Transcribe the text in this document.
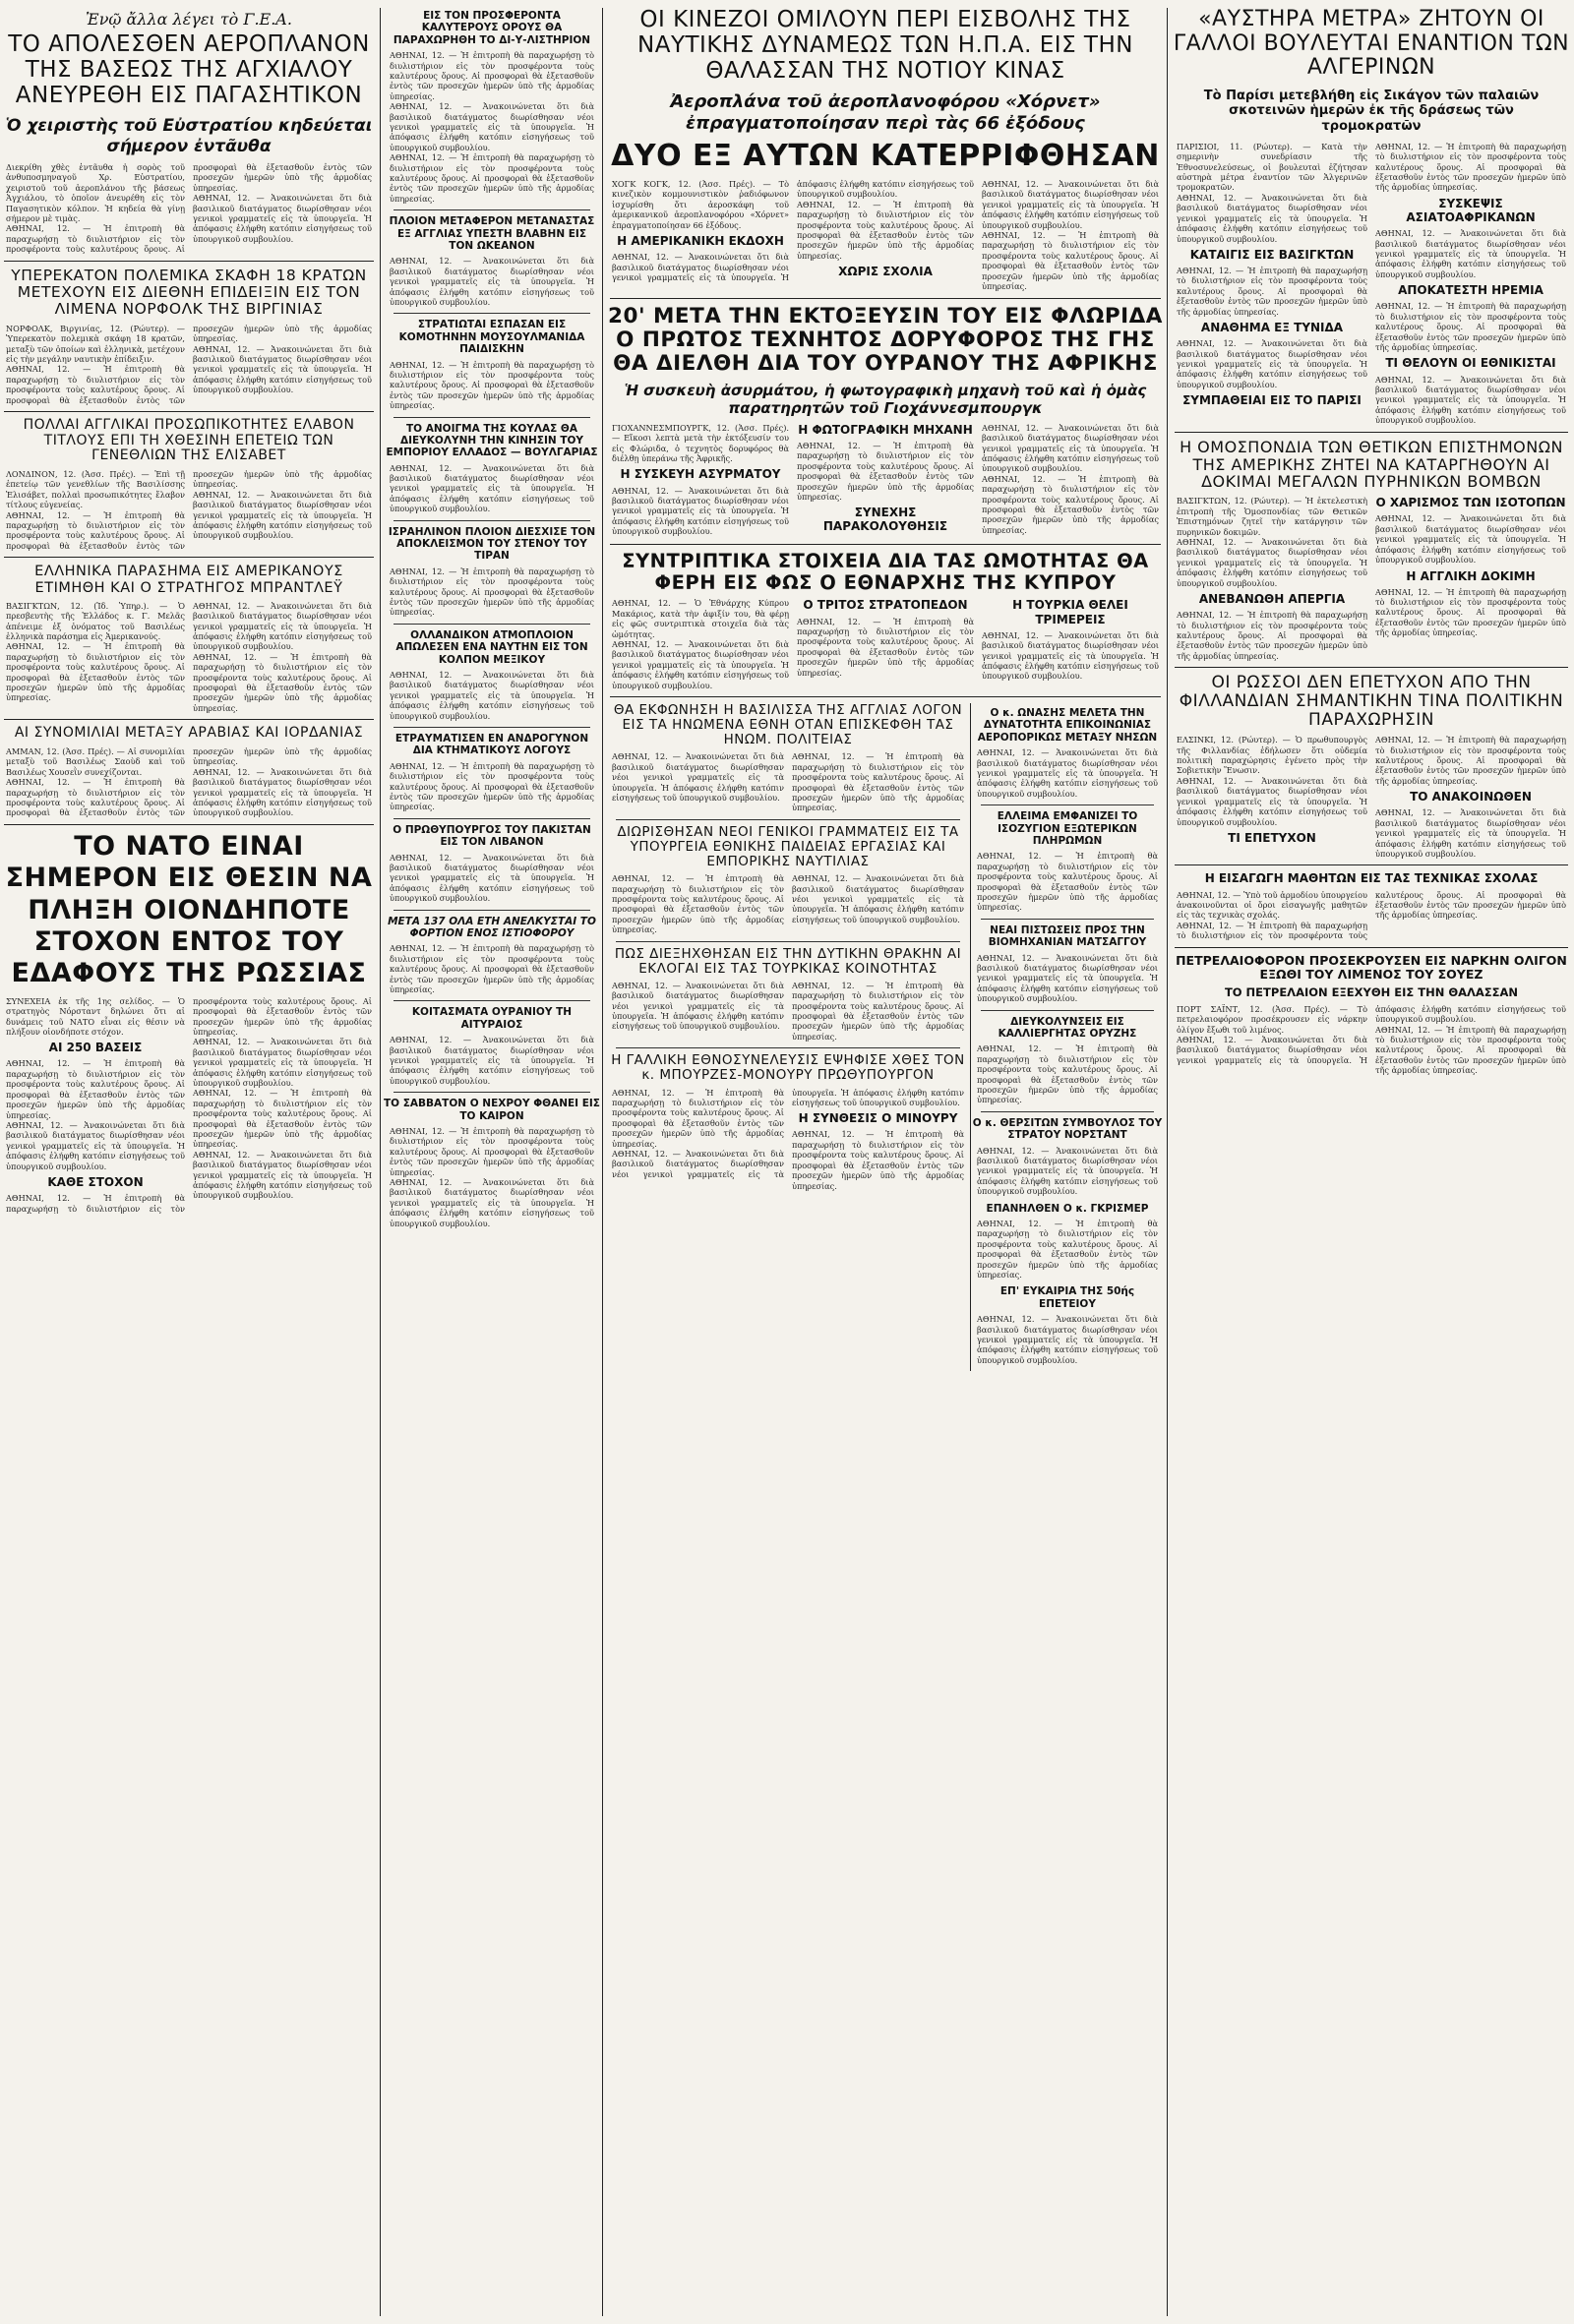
Ἐνῷ ἄλλα λέγει τὸ Γ.Ε.Α.
ΤΟ ΑΠΟΛΕΣΘΕΝ ΑΕΡΟΠΛΑΝΟΝ ΤΗΣ ΒΑΣΕΩΣ ΤΗΣ ΑΓΧΙΑΛΟΥ ΑΝΕΥΡΕΘΗ ΕΙΣ ΠΑΓΑΣΗΤΙΚΟΝ
Ὁ χειριστὴς τοῦ Εὐστρατίου κηδεύεται σήμερον ἐντᾶυθα

Διεκρίθη χθὲς ἐντᾶυθα ἡ σορὸς τοῦ ἀνθυποσμηναγοῦ Χρ. Εὐστρατίου, χειριστοῦ τοῦ ἀεροπλάνου τῆς βάσεως Ἀγχιάλου, τὸ ὁποῖον ἀνευρέθη εἰς τὸν Παγασητικὸν κόλπον. Ἡ κηδεία θὰ γίνῃ σήμερον μὲ τιμὰς.

ΑΘΗΝΑΙ, 12. — Ἡ ἐπιτροπὴ θὰ παραχωρήσῃ τὸ διυλιστήριον εἰς τὸν προσφέροντα τοὺς καλυτέρους ὅρους. Αἱ προσφοραὶ θὰ ἐξετασθοῦν ἐντὸς τῶν προσεχῶν ἡμερῶν ὑπὸ τῆς ἁρμοδίας ὑπηρεσίας.

ΑΘΗΝΑΙ, 12. — Ἀνακοινώνεται ὅτι διὰ βασιλικοῦ διατάγματος διωρίσθησαν νέοι γενικοὶ γραμματεῖς εἰς τὰ ὑπουργεῖα. Ἡ ἀπόφασις ἐλήφθη κατόπιν εἰσηγήσεως τοῦ ὑπουργικοῦ συμβουλίου.

ΥΠΕΡΕΚΑΤΟΝ ΠΟΛΕΜΙΚΑ ΣΚΑΦΗ 18 ΚΡΑΤΩΝ ΜΕΤΕΧΟΥΝ ΕΙΣ ΔΙΕΘΝΗ ΕΠΙΔΕΙΞΙΝ ΕΙΣ ΤΟΝ ΛΙΜΕΝΑ ΝΟΡΦΟΛΚ ΤΗΣ ΒΙΡΓΙΝΙΑΣ

ΝΟΡΦΟΛΚ, Βιργινίας, 12. (Ρώυτερ). — Ὑπερεκατὸν πολεμικὰ σκάφη 18 κρατῶν, μεταξὺ τῶν ὁποίων καὶ ἑλληνικὰ, μετέχουν εἰς τὴν μεγάλην ναυτικὴν ἐπίδειξιν.

ΑΘΗΝΑΙ, 12. — Ἡ ἐπιτροπὴ θὰ παραχωρήσῃ τὸ διυλιστήριον εἰς τὸν προσφέροντα τοὺς καλυτέρους ὅρους. Αἱ προσφοραὶ θὰ ἐξετασθοῦν ἐντὸς τῶν προσεχῶν ἡμερῶν ὑπὸ τῆς ἁρμοδίας ὑπηρεσίας.

ΑΘΗΝΑΙ, 12. — Ἀνακοινώνεται ὅτι διὰ βασιλικοῦ διατάγματος διωρίσθησαν νέοι γενικοὶ γραμματεῖς εἰς τὰ ὑπουργεῖα. Ἡ ἀπόφασις ἐλήφθη κατόπιν εἰσηγήσεως τοῦ ὑπουργικοῦ συμβουλίου.

ΠΟΛΛΑΙ ΑΓΓΛΙΚΑΙ ΠΡΟΣΩΠΙΚΟΤΗΤΕΣ ΕΛΑΒΟΝ ΤΙΤΛΟΥΣ ΕΠΙ ΤΗ ΧΘΕΣΙΝΗ ΕΠΕΤΕΙΩ ΤΩΝ ΓΕΝΕΘΛΙΩΝ ΤΗΣ ΕΛΙΣΑΒΕΤ

ΛΟΝΔΙΝΟΝ, 12. (Ἀσσ. Πρές). — Ἐπὶ τῇ ἐπετείῳ τῶν γενεθλίων τῆς Βασιλίσσης Ἐλισάβετ, πολλαὶ προσωπικότητες ἔλαβον τίτλους εὐγενείας.

ΑΘΗΝΑΙ, 12. — Ἡ ἐπιτροπὴ θὰ παραχωρήσῃ τὸ διυλιστήριον εἰς τὸν προσφέροντα τοὺς καλυτέρους ὅρους. Αἱ προσφοραὶ θὰ ἐξετασθοῦν ἐντὸς τῶν προσεχῶν ἡμερῶν ὑπὸ τῆς ἁρμοδίας ὑπηρεσίας.

ΑΘΗΝΑΙ, 12. — Ἀνακοινώνεται ὅτι διὰ βασιλικοῦ διατάγματος διωρίσθησαν νέοι γενικοὶ γραμματεῖς εἰς τὰ ὑπουργεῖα. Ἡ ἀπόφασις ἐλήφθη κατόπιν εἰσηγήσεως τοῦ ὑπουργικοῦ συμβουλίου.

ΕΛΛΗΝΙΚΑ ΠΑΡΑΣΗΜΑ ΕΙΣ ΑΜΕΡΙΚΑΝΟΥΣ ΕΤΙΜΗΘΗ ΚΑΙ Ο ΣΤΡΑΤΗΓΟΣ ΜΠΡΑΝΤΛΕΫ

ΒΑΣΙΓΚΤΩΝ, 12. (Ἰδ. Ὑπηρ.). — Ὁ πρεσβευτὴς τῆς Ἑλλάδος κ. Γ. Μελᾶς ἀπένειμε ἐξ ὀνόματος τοῦ Βασιλέως ἑλληνικὰ παράσημα εἰς Ἀμερικανούς.

ΑΘΗΝΑΙ, 12. — Ἡ ἐπιτροπὴ θὰ παραχωρήσῃ τὸ διυλιστήριον εἰς τὸν προσφέροντα τοὺς καλυτέρους ὅρους. Αἱ προσφοραὶ θὰ ἐξετασθοῦν ἐντὸς τῶν προσεχῶν ἡμερῶν ὑπὸ τῆς ἁρμοδίας ὑπηρεσίας.

ΑΘΗΝΑΙ, 12. — Ἀνακοινώνεται ὅτι διὰ βασιλικοῦ διατάγματος διωρίσθησαν νέοι γενικοὶ γραμματεῖς εἰς τὰ ὑπουργεῖα. Ἡ ἀπόφασις ἐλήφθη κατόπιν εἰσηγήσεως τοῦ ὑπουργικοῦ συμβουλίου.

ΑΘΗΝΑΙ, 12. — Ἡ ἐπιτροπὴ θὰ παραχωρήσῃ τὸ διυλιστήριον εἰς τὸν προσφέροντα τοὺς καλυτέρους ὅρους. Αἱ προσφοραὶ θὰ ἐξετασθοῦν ἐντὸς τῶν προσεχῶν ἡμερῶν ὑπὸ τῆς ἁρμοδίας ὑπηρεσίας.

ΑΙ ΣΥΝΟΜΙΛΙΑΙ ΜΕΤΑΞΥ ΑΡΑΒΙΑΣ ΚΑΙ ΙΟΡΔΑΝΙΑΣ

ΑΜΜΑΝ, 12. (Ἀσσ. Πρές). — Αἱ συνομιλίαι μεταξὺ τοῦ Βασιλέως Σαοὺδ καὶ τοῦ Βασιλέως Χουσεῒν συνεχίζονται.

ΑΘΗΝΑΙ, 12. — Ἡ ἐπιτροπὴ θὰ παραχωρήσῃ τὸ διυλιστήριον εἰς τὸν προσφέροντα τοὺς καλυτέρους ὅρους. Αἱ προσφοραὶ θὰ ἐξετασθοῦν ἐντὸς τῶν προσεχῶν ἡμερῶν ὑπὸ τῆς ἁρμοδίας ὑπηρεσίας.

ΑΘΗΝΑΙ, 12. — Ἀνακοινώνεται ὅτι διὰ βασιλικοῦ διατάγματος διωρίσθησαν νέοι γενικοὶ γραμματεῖς εἰς τὰ ὑπουργεῖα. Ἡ ἀπόφασις ἐλήφθη κατόπιν εἰσηγήσεως τοῦ ὑπουργικοῦ συμβουλίου.

ΤΟ ΝΑΤΟ ΕΙΝΑΙ ΣΗΜΕΡΟΝ ΕΙΣ ΘΕΣΙΝ ΝΑ ΠΛΗΞΗ ΟΙΟΝΔΗΠΟΤΕ ΣΤΟΧΟΝ ΕΝΤΟΣ ΤΟΥ ΕΔΑΦΟΥΣ ΤΗΣ ΡΩΣΣΙΑΣ

ΣΥΝΕΧΕΙΑ ἐκ τῆς 1ης σελίδος. — Ὁ στρατηγὸς Νόρσταντ δηλώνει ὅτι αἱ δυνάμεις τοῦ ΝΑΤΟ εἶναι εἰς θέσιν νὰ πλήξουν οἱονδήποτε στόχον.

ΑΙ 250 ΒΑΣΕΙΣ

ΑΘΗΝΑΙ, 12. — Ἡ ἐπιτροπὴ θὰ παραχωρήσῃ τὸ διυλιστήριον εἰς τὸν προσφέροντα τοὺς καλυτέρους ὅρους. Αἱ προσφοραὶ θὰ ἐξετασθοῦν ἐντὸς τῶν προσεχῶν ἡμερῶν ὑπὸ τῆς ἁρμοδίας ὑπηρεσίας.

ΑΘΗΝΑΙ, 12. — Ἀνακοινώνεται ὅτι διὰ βασιλικοῦ διατάγματος διωρίσθησαν νέοι γενικοὶ γραμματεῖς εἰς τὰ ὑπουργεῖα. Ἡ ἀπόφασις ἐλήφθη κατόπιν εἰσηγήσεως τοῦ ὑπουργικοῦ συμβουλίου.

ΚΑΘΕ ΣΤΟΧΟΝ

ΑΘΗΝΑΙ, 12. — Ἡ ἐπιτροπὴ θὰ παραχωρήσῃ τὸ διυλιστήριον εἰς τὸν προσφέροντα τοὺς καλυτέρους ὅρους. Αἱ προσφοραὶ θὰ ἐξετασθοῦν ἐντὸς τῶν προσεχῶν ἡμερῶν ὑπὸ τῆς ἁρμοδίας ὑπηρεσίας.

ΑΘΗΝΑΙ, 12. — Ἀνακοινώνεται ὅτι διὰ βασιλικοῦ διατάγματος διωρίσθησαν νέοι γενικοὶ γραμματεῖς εἰς τὰ ὑπουργεῖα. Ἡ ἀπόφασις ἐλήφθη κατόπιν εἰσηγήσεως τοῦ ὑπουργικοῦ συμβουλίου.

ΑΘΗΝΑΙ, 12. — Ἡ ἐπιτροπὴ θὰ παραχωρήσῃ τὸ διυλιστήριον εἰς τὸν προσφέροντα τοὺς καλυτέρους ὅρους. Αἱ προσφοραὶ θὰ ἐξετασθοῦν ἐντὸς τῶν προσεχῶν ἡμερῶν ὑπὸ τῆς ἁρμοδίας ὑπηρεσίας.

ΑΘΗΝΑΙ, 12. — Ἀνακοινώνεται ὅτι διὰ βασιλικοῦ διατάγματος διωρίσθησαν νέοι γενικοὶ γραμματεῖς εἰς τὰ ὑπουργεῖα. Ἡ ἀπόφασις ἐλήφθη κατόπιν εἰσηγήσεως τοῦ ὑπουργικοῦ συμβουλίου.

ΕΙΣ ΤΟΝ ΠΡΟΣΦΕΡΟΝΤΑ ΚΑΛΥΤΕΡΟΥΣ ΟΡΟΥΣ ΘΑ ΠΑΡΑΧΩΡΗΘΗ ΤΟ ΔΙ-Υ-ΛΙΣΤΗΡΙΟΝ

ΑΘΗΝΑΙ, 12. — Ἡ ἐπιτροπὴ θὰ παραχωρήσῃ τὸ διυλιστήριον εἰς τὸν προσφέροντα τοὺς καλυτέρους ὅρους. Αἱ προσφοραὶ θὰ ἐξετασθοῦν ἐντὸς τῶν προσεχῶν ἡμερῶν ὑπὸ τῆς ἁρμοδίας ὑπηρεσίας.

ΑΘΗΝΑΙ, 12. — Ἀνακοινώνεται ὅτι διὰ βασιλικοῦ διατάγματος διωρίσθησαν νέοι γενικοὶ γραμματεῖς εἰς τὰ ὑπουργεῖα. Ἡ ἀπόφασις ἐλήφθη κατόπιν εἰσηγήσεως τοῦ ὑπουργικοῦ συμβουλίου.

ΑΘΗΝΑΙ, 12. — Ἡ ἐπιτροπὴ θὰ παραχωρήσῃ τὸ διυλιστήριον εἰς τὸν προσφέροντα τοὺς καλυτέρους ὅρους. Αἱ προσφοραὶ θὰ ἐξετασθοῦν ἐντὸς τῶν προσεχῶν ἡμερῶν ὑπὸ τῆς ἁρμοδίας ὑπηρεσίας.

ΠΛΟΙΟΝ ΜΕΤΑΦΕΡΟΝ ΜΕΤΑΝΑΣΤΑΣ ΕΞ ΑΓΓΛΙΑΣ ΥΠΕΣΤΗ ΒΛΑΒΗΝ ΕΙΣ ΤΟΝ ΩΚΕΑΝΟΝ

ΑΘΗΝΑΙ, 12. — Ἀνακοινώνεται ὅτι διὰ βασιλικοῦ διατάγματος διωρίσθησαν νέοι γενικοὶ γραμματεῖς εἰς τὰ ὑπουργεῖα. Ἡ ἀπόφασις ἐλήφθη κατόπιν εἰσηγήσεως τοῦ ὑπουργικοῦ συμβουλίου.

ΣΤΡΑΤΙΩΤΑΙ ΕΣΠΑΣΑΝ ΕΙΣ ΚΟΜΟΤΗΝΗΝ ΜΟΥΣΟΥΛΜΑΝΙΔΑ ΠΑΙΔΙΣΚΗΝ

ΑΘΗΝΑΙ, 12. — Ἡ ἐπιτροπὴ θὰ παραχωρήσῃ τὸ διυλιστήριον εἰς τὸν προσφέροντα τοὺς καλυτέρους ὅρους. Αἱ προσφοραὶ θὰ ἐξετασθοῦν ἐντὸς τῶν προσεχῶν ἡμερῶν ὑπὸ τῆς ἁρμοδίας ὑπηρεσίας.

ΤΟ ΑΝΟΙΓΜΑ ΤΗΣ ΚΟΥΛΑΣ ΘΑ ΔΙΕΥΚΟΛΥΝΗ ΤΗΝ ΚΙΝΗΣΙΝ ΤΟΥ ΕΜΠΟΡΙΟΥ ΕΛΛΑΔΟΣ — ΒΟΥΛΓΑΡΙΑΣ

ΑΘΗΝΑΙ, 12. — Ἀνακοινώνεται ὅτι διὰ βασιλικοῦ διατάγματος διωρίσθησαν νέοι γενικοὶ γραμματεῖς εἰς τὰ ὑπουργεῖα. Ἡ ἀπόφασις ἐλήφθη κατόπιν εἰσηγήσεως τοῦ ὑπουργικοῦ συμβουλίου.

ΙΣΡΑΗΛΙΝΟΝ ΠΛΟΙΟΝ ΔΙΕΣΧΙΣΕ ΤΟΝ ΑΠΟΚΛΕΙΣΜΟΝ ΤΟΥ ΣΤΕΝΟΥ ΤΟΥ ΤΙΡΑΝ

ΑΘΗΝΑΙ, 12. — Ἡ ἐπιτροπὴ θὰ παραχωρήσῃ τὸ διυλιστήριον εἰς τὸν προσφέροντα τοὺς καλυτέρους ὅρους. Αἱ προσφοραὶ θὰ ἐξετασθοῦν ἐντὸς τῶν προσεχῶν ἡμερῶν ὑπὸ τῆς ἁρμοδίας ὑπηρεσίας.

ΟΛΛΑΝΔΙΚΟΝ ΑΤΜΟΠΛΟΙΟΝ ΑΠΩΛΕΣΕΝ ΕΝΑ ΝΑΥΤΗΝ ΕΙΣ ΤΟΝ ΚΟΛΠΟΝ ΜΕΞΙΚΟΥ

ΑΘΗΝΑΙ, 12. — Ἀνακοινώνεται ὅτι διὰ βασιλικοῦ διατάγματος διωρίσθησαν νέοι γενικοὶ γραμματεῖς εἰς τὰ ὑπουργεῖα. Ἡ ἀπόφασις ἐλήφθη κατόπιν εἰσηγήσεως τοῦ ὑπουργικοῦ συμβουλίου.

ΕΤΡΑΥΜΑΤΙΣΕΝ ΕΝ ΑΝΔΡΟΓΥΝΟΝ ΔΙΑ ΚΤΗΜΑΤΙΚΟΥΣ ΛΟΓΟΥΣ

ΑΘΗΝΑΙ, 12. — Ἡ ἐπιτροπὴ θὰ παραχωρήσῃ τὸ διυλιστήριον εἰς τὸν προσφέροντα τοὺς καλυτέρους ὅρους. Αἱ προσφοραὶ θὰ ἐξετασθοῦν ἐντὸς τῶν προσεχῶν ἡμερῶν ὑπὸ τῆς ἁρμοδίας ὑπηρεσίας.

Ο ΠΡΩΘΥΠΟΥΡΓΟΣ ΤΟΥ ΠΑΚΙΣΤΑΝ ΕΙΣ ΤΟΝ ΛΙΒΑΝΟΝ

ΑΘΗΝΑΙ, 12. — Ἀνακοινώνεται ὅτι διὰ βασιλικοῦ διατάγματος διωρίσθησαν νέοι γενικοὶ γραμματεῖς εἰς τὰ ὑπουργεῖα. Ἡ ἀπόφασις ἐλήφθη κατόπιν εἰσηγήσεως τοῦ ὑπουργικοῦ συμβουλίου.

ΜΕΤΑ 137 ΟΛΑ ΕΤΗ ΑΝΕΛΚΥΣΤΑΙ ΤΟ ΦΟΡΤΙΟΝ ΕΝΟΣ ΙΣΤΙΟΦΟΡΟΥ

ΑΘΗΝΑΙ, 12. — Ἡ ἐπιτροπὴ θὰ παραχωρήσῃ τὸ διυλιστήριον εἰς τὸν προσφέροντα τοὺς καλυτέρους ὅρους. Αἱ προσφοραὶ θὰ ἐξετασθοῦν ἐντὸς τῶν προσεχῶν ἡμερῶν ὑπὸ τῆς ἁρμοδίας ὑπηρεσίας.

ΚΟΙΤΑΣΜΑΤΑ ΟΥΡΑΝΙΟΥ ΤΗ ΑΙΤΥΡΑΙΟΣ

ΑΘΗΝΑΙ, 12. — Ἀνακοινώνεται ὅτι διὰ βασιλικοῦ διατάγματος διωρίσθησαν νέοι γενικοὶ γραμματεῖς εἰς τὰ ὑπουργεῖα. Ἡ ἀπόφασις ἐλήφθη κατόπιν εἰσηγήσεως τοῦ ὑπουργικοῦ συμβουλίου.

ΤΟ ΣΑΒΒΑΤΟΝ Ο ΝΕΧΡΟΥ ΦΘΑΝΕΙ ΕΙΣ ΤΟ ΚΑΙΡΟΝ

ΑΘΗΝΑΙ, 12. — Ἡ ἐπιτροπὴ θὰ παραχωρήσῃ τὸ διυλιστήριον εἰς τὸν προσφέροντα τοὺς καλυτέρους ὅρους. Αἱ προσφοραὶ θὰ ἐξετασθοῦν ἐντὸς τῶν προσεχῶν ἡμερῶν ὑπὸ τῆς ἁρμοδίας ὑπηρεσίας.

ΑΘΗΝΑΙ, 12. — Ἀνακοινώνεται ὅτι διὰ βασιλικοῦ διατάγματος διωρίσθησαν νέοι γενικοὶ γραμματεῖς εἰς τὰ ὑπουργεῖα. Ἡ ἀπόφασις ἐλήφθη κατόπιν εἰσηγήσεως τοῦ ὑπουργικοῦ συμβουλίου.

ΟΙ ΚΙΝΕΖΟΙ ΟΜΙΛΟΥΝ ΠΕΡΙ ΕΙΣΒΟΛΗΣ ΤΗΣ ΝΑΥΤΙΚΗΣ ΔΥΝΑΜΕΩΣ ΤΩΝ Η.Π.Α. ΕΙΣ ΤΗΝ ΘΑΛΑΣΣΑΝ ΤΗΣ ΝΟΤΙΟΥ ΚΙΝΑΣ
Ἀεροπλάνα τοῦ ἀεροπλανοφόρου «Χόρνετ» ἐπραγματοποίησαν περὶ τὰς 66 ἐξόδους
ΔΥΟ ΕΞ ΑΥΤΩΝ ΚΑΤΕΡΡΙΦΘΗΣΑΝ

ΧΟΓΚ ΚΟΓΚ, 12. (Ἀσσ. Πρές). — Τὸ κινεζικὸν κομμουνιστικὸν ῥαδιόφωνον ἰσχυρίσθη ὅτι ἀεροσκάφη τοῦ ἀμερικανικοῦ ἀεροπλανοφόρου «Χόρνετ» ἐπραγματοποίησαν 66 ἐξόδους.

Η ΑΜΕΡΙΚΑΝΙΚΗ ΕΚΔΟΧΗ

ΑΘΗΝΑΙ, 12. — Ἀνακοινώνεται ὅτι διὰ βασιλικοῦ διατάγματος διωρίσθησαν νέοι γενικοὶ γραμματεῖς εἰς τὰ ὑπουργεῖα. Ἡ ἀπόφασις ἐλήφθη κατόπιν εἰσηγήσεως τοῦ ὑπουργικοῦ συμβουλίου.

ΑΘΗΝΑΙ, 12. — Ἡ ἐπιτροπὴ θὰ παραχωρήσῃ τὸ διυλιστήριον εἰς τὸν προσφέροντα τοὺς καλυτέρους ὅρους. Αἱ προσφοραὶ θὰ ἐξετασθοῦν ἐντὸς τῶν προσεχῶν ἡμερῶν ὑπὸ τῆς ἁρμοδίας ὑπηρεσίας.

ΧΩΡΙΣ ΣΧΟΛΙΑ

ΑΘΗΝΑΙ, 12. — Ἀνακοινώνεται ὅτι διὰ βασιλικοῦ διατάγματος διωρίσθησαν νέοι γενικοὶ γραμματεῖς εἰς τὰ ὑπουργεῖα. Ἡ ἀπόφασις ἐλήφθη κατόπιν εἰσηγήσεως τοῦ ὑπουργικοῦ συμβουλίου.

ΑΘΗΝΑΙ, 12. — Ἡ ἐπιτροπὴ θὰ παραχωρήσῃ τὸ διυλιστήριον εἰς τὸν προσφέροντα τοὺς καλυτέρους ὅρους. Αἱ προσφοραὶ θὰ ἐξετασθοῦν ἐντὸς τῶν προσεχῶν ἡμερῶν ὑπὸ τῆς ἁρμοδίας ὑπηρεσίας.

20' ΜΕΤΑ ΤΗΝ ΕΚΤΟΞΕΥΣΙΝ ΤΟΥ ΕΙΣ ΦΛΩΡΙΔΑ Ο ΠΡΩΤΟΣ ΤΕΧΝΗΤΟΣ ΔΟΡΥΦΟΡΟΣ ΤΗΣ ΓΗΣ ΘΑ ΔΙΕΛΘΗ ΔΙΑ ΤΟΥ ΟΥΡΑΝΟΥ ΤΗΣ ΑΦΡΙΚΗΣ
Ἡ συσκευὴ ἀσυρμάτου, ἡ φωτογραφικὴ μηχανὴ τοῦ καὶ ἡ ὁμὰς παρατηρητῶν τοῦ Γιοχάννεσμπουργκ

ΓΙΟΧΑΝΝΕΣΜΠΟΥΡΓΚ, 12. (Ἀσσ. Πρές). — Εἴκοσι λεπτὰ μετὰ τὴν ἐκτόξευσίν του εἰς Φλώριδα, ὁ τεχνητὸς δορυφόρος θὰ διέλθῃ ὑπεράνω τῆς Ἀφρικῆς.

Η ΣΥΣΚΕΥΗ ΑΣΥΡΜΑΤΟΥ

ΑΘΗΝΑΙ, 12. — Ἀνακοινώνεται ὅτι διὰ βασιλικοῦ διατάγματος διωρίσθησαν νέοι γενικοὶ γραμματεῖς εἰς τὰ ὑπουργεῖα. Ἡ ἀπόφασις ἐλήφθη κατόπιν εἰσηγήσεως τοῦ ὑπουργικοῦ συμβουλίου.

Η ΦΩΤΟΓΡΑΦΙΚΗ ΜΗΧΑΝΗ

ΑΘΗΝΑΙ, 12. — Ἡ ἐπιτροπὴ θὰ παραχωρήσῃ τὸ διυλιστήριον εἰς τὸν προσφέροντα τοὺς καλυτέρους ὅρους. Αἱ προσφοραὶ θὰ ἐξετασθοῦν ἐντὸς τῶν προσεχῶν ἡμερῶν ὑπὸ τῆς ἁρμοδίας ὑπηρεσίας.

ΣΥΝΕΧΗΣ ΠΑΡΑΚΟΛΟΥΘΗΣΙΣ

ΑΘΗΝΑΙ, 12. — Ἀνακοινώνεται ὅτι διὰ βασιλικοῦ διατάγματος διωρίσθησαν νέοι γενικοὶ γραμματεῖς εἰς τὰ ὑπουργεῖα. Ἡ ἀπόφασις ἐλήφθη κατόπιν εἰσηγήσεως τοῦ ὑπουργικοῦ συμβουλίου.

ΑΘΗΝΑΙ, 12. — Ἡ ἐπιτροπὴ θὰ παραχωρήσῃ τὸ διυλιστήριον εἰς τὸν προσφέροντα τοὺς καλυτέρους ὅρους. Αἱ προσφοραὶ θὰ ἐξετασθοῦν ἐντὸς τῶν προσεχῶν ἡμερῶν ὑπὸ τῆς ἁρμοδίας ὑπηρεσίας.

ΣΥΝΤΡΙΠΤΙΚΑ ΣΤΟΙΧΕΙΑ ΔΙΑ ΤΑΣ ΩΜΟΤΗΤΑΣ ΘΑ ΦΕΡΗ ΕΙΣ ΦΩΣ Ο ΕΘΝΑΡΧΗΣ ΤΗΣ ΚΥΠΡΟΥ

ΑΘΗΝΑΙ, 12. — Ὁ Ἐθνάρχης Κύπρου Μακάριος, κατὰ τὴν ἀφιξίν του, θὰ φέρῃ εἰς φῶς συντριπτικὰ στοιχεῖα διὰ τὰς ὠμότητας.

ΑΘΗΝΑΙ, 12. — Ἀνακοινώνεται ὅτι διὰ βασιλικοῦ διατάγματος διωρίσθησαν νέοι γενικοὶ γραμματεῖς εἰς τὰ ὑπουργεῖα. Ἡ ἀπόφασις ἐλήφθη κατόπιν εἰσηγήσεως τοῦ ὑπουργικοῦ συμβουλίου.

Ο ΤΡΙΤΟΣ ΣΤΡΑΤΟΠΕΔΟΝ

ΑΘΗΝΑΙ, 12. — Ἡ ἐπιτροπὴ θὰ παραχωρήσῃ τὸ διυλιστήριον εἰς τὸν προσφέροντα τοὺς καλυτέρους ὅρους. Αἱ προσφοραὶ θὰ ἐξετασθοῦν ἐντὸς τῶν προσεχῶν ἡμερῶν ὑπὸ τῆς ἁρμοδίας ὑπηρεσίας.

Η ΤΟΥΡΚΙΑ ΘΕΛΕΙ ΤΡΙΜΕΡΕΙΣ

ΑΘΗΝΑΙ, 12. — Ἀνακοινώνεται ὅτι διὰ βασιλικοῦ διατάγματος διωρίσθησαν νέοι γενικοὶ γραμματεῖς εἰς τὰ ὑπουργεῖα. Ἡ ἀπόφασις ἐλήφθη κατόπιν εἰσηγήσεως τοῦ ὑπουργικοῦ συμβουλίου.

ΘΑ ΕΚΦΩΝΗΣΗ Η ΒΑΣΙΛΙΣΣΑ ΤΗΣ ΑΓΓΛΙΑΣ ΛΟΓΟΝ ΕΙΣ ΤΑ ΗΝΩΜΕΝΑ ΕΘΝΗ ΟΤΑΝ ΕΠΙΣΚΕΦΘΗ ΤΑΣ ΗΝΩΜ. ΠΟΛΙΤΕΙΑΣ

ΑΘΗΝΑΙ, 12. — Ἀνακοινώνεται ὅτι διὰ βασιλικοῦ διατάγματος διωρίσθησαν νέοι γενικοὶ γραμματεῖς εἰς τὰ ὑπουργεῖα. Ἡ ἀπόφασις ἐλήφθη κατόπιν εἰσηγήσεως τοῦ ὑπουργικοῦ συμβουλίου.

ΑΘΗΝΑΙ, 12. — Ἡ ἐπιτροπὴ θὰ παραχωρήσῃ τὸ διυλιστήριον εἰς τὸν προσφέροντα τοὺς καλυτέρους ὅρους. Αἱ προσφοραὶ θὰ ἐξετασθοῦν ἐντὸς τῶν προσεχῶν ἡμερῶν ὑπὸ τῆς ἁρμοδίας ὑπηρεσίας.

ΔΙΩΡΙΣΘΗΣΑΝ ΝΕΟΙ ΓΕΝΙΚΟΙ ΓΡΑΜΜΑΤΕΙΣ ΕΙΣ ΤΑ ΥΠΟΥΡΓΕΙΑ ΕΘΝΙΚΗΣ ΠΑΙΔΕΙΑΣ ΕΡΓΑΣΙΑΣ ΚΑΙ ΕΜΠΟΡΙΚΗΣ ΝΑΥΤΙΛΙΑΣ

ΑΘΗΝΑΙ, 12. — Ἡ ἐπιτροπὴ θὰ παραχωρήσῃ τὸ διυλιστήριον εἰς τὸν προσφέροντα τοὺς καλυτέρους ὅρους. Αἱ προσφοραὶ θὰ ἐξετασθοῦν ἐντὸς τῶν προσεχῶν ἡμερῶν ὑπὸ τῆς ἁρμοδίας ὑπηρεσίας.

ΑΘΗΝΑΙ, 12. — Ἀνακοινώνεται ὅτι διὰ βασιλικοῦ διατάγματος διωρίσθησαν νέοι γενικοὶ γραμματεῖς εἰς τὰ ὑπουργεῖα. Ἡ ἀπόφασις ἐλήφθη κατόπιν εἰσηγήσεως τοῦ ὑπουργικοῦ συμβουλίου.

ΠΩΣ ΔΙΕΞΗΧΘΗΣΑΝ ΕΙΣ ΤΗΝ ΔΥΤΙΚΗΝ ΘΡΑΚΗΝ ΑΙ ΕΚΛΟΓΑΙ ΕΙΣ ΤΑΣ ΤΟΥΡΚΙΚΑΣ ΚΟΙΝΟΤΗΤΑΣ

ΑΘΗΝΑΙ, 12. — Ἀνακοινώνεται ὅτι διὰ βασιλικοῦ διατάγματος διωρίσθησαν νέοι γενικοὶ γραμματεῖς εἰς τὰ ὑπουργεῖα. Ἡ ἀπόφασις ἐλήφθη κατόπιν εἰσηγήσεως τοῦ ὑπουργικοῦ συμβουλίου.

ΑΘΗΝΑΙ, 12. — Ἡ ἐπιτροπὴ θὰ παραχωρήσῃ τὸ διυλιστήριον εἰς τὸν προσφέροντα τοὺς καλυτέρους ὅρους. Αἱ προσφοραὶ θὰ ἐξετασθοῦν ἐντὸς τῶν προσεχῶν ἡμερῶν ὑπὸ τῆς ἁρμοδίας ὑπηρεσίας.

Η ΓΑΛΛΙΚΗ ΕΘΝΟΣΥΝΕΛΕΥΣΙΣ ΕΨΗΦΙΣΕ ΧΘΕΣ ΤΟΝ κ. ΜΠΟΥΡΖΕΣ-ΜΟΝΟΥΡΥ ΠΡΩΘΥΠΟΥΡΓΟΝ

ΑΘΗΝΑΙ, 12. — Ἡ ἐπιτροπὴ θὰ παραχωρήσῃ τὸ διυλιστήριον εἰς τὸν προσφέροντα τοὺς καλυτέρους ὅρους. Αἱ προσφοραὶ θὰ ἐξετασθοῦν ἐντὸς τῶν προσεχῶν ἡμερῶν ὑπὸ τῆς ἁρμοδίας ὑπηρεσίας.

ΑΘΗΝΑΙ, 12. — Ἀνακοινώνεται ὅτι διὰ βασιλικοῦ διατάγματος διωρίσθησαν νέοι γενικοὶ γραμματεῖς εἰς τὰ ὑπουργεῖα. Ἡ ἀπόφασις ἐλήφθη κατόπιν εἰσηγήσεως τοῦ ὑπουργικοῦ συμβουλίου.

Η ΣΥΝΘΕΣΙΣ Ο ΜΙΝΟΥΡΥ

ΑΘΗΝΑΙ, 12. — Ἡ ἐπιτροπὴ θὰ παραχωρήσῃ τὸ διυλιστήριον εἰς τὸν προσφέροντα τοὺς καλυτέρους ὅρους. Αἱ προσφοραὶ θὰ ἐξετασθοῦν ἐντὸς τῶν προσεχῶν ἡμερῶν ὑπὸ τῆς ἁρμοδίας ὑπηρεσίας.

Ο κ. ΩΝΑΣΗΣ ΜΕΛΕΤΑ ΤΗΝ ΔΥΝΑΤΟΤΗΤΑ ΕΠΙΚΟΙΝΩΝΙΑΣ ΑΕΡΟΠΟΡΙΚΩΣ ΜΕΤΑΞΥ ΝΗΣΩΝ

ΑΘΗΝΑΙ, 12. — Ἀνακοινώνεται ὅτι διὰ βασιλικοῦ διατάγματος διωρίσθησαν νέοι γενικοὶ γραμματεῖς εἰς τὰ ὑπουργεῖα. Ἡ ἀπόφασις ἐλήφθη κατόπιν εἰσηγήσεως τοῦ ὑπουργικοῦ συμβουλίου.

ΕΛΛΕΙΜΑ ΕΜΦΑΝΙΖΕΙ ΤΟ ΙΣΟΖΥΓΙΟΝ ΕΞΩΤΕΡΙΚΩΝ ΠΛΗΡΩΜΩΝ

ΑΘΗΝΑΙ, 12. — Ἡ ἐπιτροπὴ θὰ παραχωρήσῃ τὸ διυλιστήριον εἰς τὸν προσφέροντα τοὺς καλυτέρους ὅρους. Αἱ προσφοραὶ θὰ ἐξετασθοῦν ἐντὸς τῶν προσεχῶν ἡμερῶν ὑπὸ τῆς ἁρμοδίας ὑπηρεσίας.

ΝΕΑΙ ΠΙΣΤΩΣΕΙΣ ΠΡΟΣ ΤΗΝ ΒΙΟΜΗΧΑΝΙΑΝ ΜΑΤΣΑΓΓΟΥ

ΑΘΗΝΑΙ, 12. — Ἀνακοινώνεται ὅτι διὰ βασιλικοῦ διατάγματος διωρίσθησαν νέοι γενικοὶ γραμματεῖς εἰς τὰ ὑπουργεῖα. Ἡ ἀπόφασις ἐλήφθη κατόπιν εἰσηγήσεως τοῦ ὑπουργικοῦ συμβουλίου.

ΔΙΕΥΚΟΛΥΝΣΕΙΣ ΕΙΣ ΚΑΛΛΙΕΡΓΗΤΑΣ ΟΡΥΖΗΣ

ΑΘΗΝΑΙ, 12. — Ἡ ἐπιτροπὴ θὰ παραχωρήσῃ τὸ διυλιστήριον εἰς τὸν προσφέροντα τοὺς καλυτέρους ὅρους. Αἱ προσφοραὶ θὰ ἐξετασθοῦν ἐντὸς τῶν προσεχῶν ἡμερῶν ὑπὸ τῆς ἁρμοδίας ὑπηρεσίας.

Ο κ. ΘΕΡΣΙΤΩΝ ΣΥΜΒΟΥΛΟΣ ΤΟΥ ΣΤΡΑΤΟΥ ΝΟΡΣΤΑΝΤ

ΑΘΗΝΑΙ, 12. — Ἀνακοινώνεται ὅτι διὰ βασιλικοῦ διατάγματος διωρίσθησαν νέοι γενικοὶ γραμματεῖς εἰς τὰ ὑπουργεῖα. Ἡ ἀπόφασις ἐλήφθη κατόπιν εἰσηγήσεως τοῦ ὑπουργικοῦ συμβουλίου.

ΕΠΑΝΗΛΘΕΝ Ο κ. ΓΚΡΙΣΜΕΡ

ΑΘΗΝΑΙ, 12. — Ἡ ἐπιτροπὴ θὰ παραχωρήσῃ τὸ διυλιστήριον εἰς τὸν προσφέροντα τοὺς καλυτέρους ὅρους. Αἱ προσφοραὶ θὰ ἐξετασθοῦν ἐντὸς τῶν προσεχῶν ἡμερῶν ὑπὸ τῆς ἁρμοδίας ὑπηρεσίας.

ΕΠ' ΕΥΚΑΙΡΙΑ ΤΗΣ 50ής ΕΠΕΤΕΙΟΥ

ΑΘΗΝΑΙ, 12. — Ἀνακοινώνεται ὅτι διὰ βασιλικοῦ διατάγματος διωρίσθησαν νέοι γενικοὶ γραμματεῖς εἰς τὰ ὑπουργεῖα. Ἡ ἀπόφασις ἐλήφθη κατόπιν εἰσηγήσεως τοῦ ὑπουργικοῦ συμβουλίου.

«ΑΥΣΤΗΡΑ ΜΕΤΡΑ» ΖΗΤΟΥΝ ΟΙ ΓΑΛΛΟΙ ΒΟΥΛΕΥΤΑΙ ΕΝΑΝΤΙΟΝ ΤΩΝ ΑΛΓΕΡΙΝΩΝ
Τὸ Παρίσι μετεβλήθη εἰς Σικάγον τῶν παλαιῶν σκοτεινῶν ἡμερῶν ἐκ τῆς δράσεως τῶν τρομοκρατῶν

ΠΑΡΙΣΙΟΙ, 11. (Ρώυτερ). — Κατὰ τὴν σημερινὴν συνεδρίασιν τῆς Ἐθνοσυνελεύσεως, οἱ βουλευταὶ ἐζήτησαν αὐστηρὰ μέτρα ἐναντίον τῶν Ἀλγερινῶν τρομοκρατῶν.

ΑΘΗΝΑΙ, 12. — Ἀνακοινώνεται ὅτι διὰ βασιλικοῦ διατάγματος διωρίσθησαν νέοι γενικοὶ γραμματεῖς εἰς τὰ ὑπουργεῖα. Ἡ ἀπόφασις ἐλήφθη κατόπιν εἰσηγήσεως τοῦ ὑπουργικοῦ συμβουλίου.

ΚΑΤΑΙΓΙΣ ΕΙΣ ΒΑΣΙΓΚΤΩΝ

ΑΘΗΝΑΙ, 12. — Ἡ ἐπιτροπὴ θὰ παραχωρήσῃ τὸ διυλιστήριον εἰς τὸν προσφέροντα τοὺς καλυτέρους ὅρους. Αἱ προσφοραὶ θὰ ἐξετασθοῦν ἐντὸς τῶν προσεχῶν ἡμερῶν ὑπὸ τῆς ἁρμοδίας ὑπηρεσίας.

ΑΝΑΘΗΜΑ ΕΞ ΤΥΝΙΔΑ

ΑΘΗΝΑΙ, 12. — Ἀνακοινώνεται ὅτι διὰ βασιλικοῦ διατάγματος διωρίσθησαν νέοι γενικοὶ γραμματεῖς εἰς τὰ ὑπουργεῖα. Ἡ ἀπόφασις ἐλήφθη κατόπιν εἰσηγήσεως τοῦ ὑπουργικοῦ συμβουλίου.

ΣΥΜΠΑΘΕΙΑΙ ΕΙΣ ΤΟ ΠΑΡΙΣΙ

ΑΘΗΝΑΙ, 12. — Ἡ ἐπιτροπὴ θὰ παραχωρήσῃ τὸ διυλιστήριον εἰς τὸν προσφέροντα τοὺς καλυτέρους ὅρους. Αἱ προσφοραὶ θὰ ἐξετασθοῦν ἐντὸς τῶν προσεχῶν ἡμερῶν ὑπὸ τῆς ἁρμοδίας ὑπηρεσίας.

ΣΥΣΚΕΨΙΣ ΑΣΙΑΤΟΑΦΡΙΚΑΝΩΝ

ΑΘΗΝΑΙ, 12. — Ἀνακοινώνεται ὅτι διὰ βασιλικοῦ διατάγματος διωρίσθησαν νέοι γενικοὶ γραμματεῖς εἰς τὰ ὑπουργεῖα. Ἡ ἀπόφασις ἐλήφθη κατόπιν εἰσηγήσεως τοῦ ὑπουργικοῦ συμβουλίου.

ΑΠΟΚΑΤΕΣΤΗ ΗΡΕΜΙΑ

ΑΘΗΝΑΙ, 12. — Ἡ ἐπιτροπὴ θὰ παραχωρήσῃ τὸ διυλιστήριον εἰς τὸν προσφέροντα τοὺς καλυτέρους ὅρους. Αἱ προσφοραὶ θὰ ἐξετασθοῦν ἐντὸς τῶν προσεχῶν ἡμερῶν ὑπὸ τῆς ἁρμοδίας ὑπηρεσίας.

ΤΙ ΘΕΛΟΥΝ ΟΙ ΕΘΝΙΚΙΣΤΑΙ

ΑΘΗΝΑΙ, 12. — Ἀνακοινώνεται ὅτι διὰ βασιλικοῦ διατάγματος διωρίσθησαν νέοι γενικοὶ γραμματεῖς εἰς τὰ ὑπουργεῖα. Ἡ ἀπόφασις ἐλήφθη κατόπιν εἰσηγήσεως τοῦ ὑπουργικοῦ συμβουλίου.

Η ΟΜΟΣΠΟΝΔΙΑ ΤΩΝ ΘΕΤΙΚΩΝ ΕΠΙΣΤΗΜΟΝΩΝ ΤΗΣ ΑΜΕΡΙΚΗΣ ΖΗΤΕΙ ΝΑ ΚΑΤΑΡΓΗΘΟΥΝ ΑΙ ΔΟΚΙΜΑΙ ΜΕΓΑΛΩΝ ΠΥΡΗΝΙΚΩΝ ΒΟΜΒΩΝ

ΒΑΣΙΓΚΤΩΝ, 12. (Ρώυτερ). — Ἡ ἐκτελεστικὴ ἐπιτροπὴ τῆς Ὁμοσπονδίας τῶν Θετικῶν Ἐπιστημόνων ζητεῖ τὴν κατάργησιν τῶν πυρηνικῶν δοκιμῶν.

ΑΘΗΝΑΙ, 12. — Ἀνακοινώνεται ὅτι διὰ βασιλικοῦ διατάγματος διωρίσθησαν νέοι γενικοὶ γραμματεῖς εἰς τὰ ὑπουργεῖα. Ἡ ἀπόφασις ἐλήφθη κατόπιν εἰσηγήσεως τοῦ ὑπουργικοῦ συμβουλίου.

ΑΝΕΒΑΝΩΘΗ ΑΠΕΡΓΙΑ

ΑΘΗΝΑΙ, 12. — Ἡ ἐπιτροπὴ θὰ παραχωρήσῃ τὸ διυλιστήριον εἰς τὸν προσφέροντα τοὺς καλυτέρους ὅρους. Αἱ προσφοραὶ θὰ ἐξετασθοῦν ἐντὸς τῶν προσεχῶν ἡμερῶν ὑπὸ τῆς ἁρμοδίας ὑπηρεσίας.

Ο ΧΑΡΙΣΜΟΣ ΤΩΝ ΙΣΟΤΟΠΩΝ

ΑΘΗΝΑΙ, 12. — Ἀνακοινώνεται ὅτι διὰ βασιλικοῦ διατάγματος διωρίσθησαν νέοι γενικοὶ γραμματεῖς εἰς τὰ ὑπουργεῖα. Ἡ ἀπόφασις ἐλήφθη κατόπιν εἰσηγήσεως τοῦ ὑπουργικοῦ συμβουλίου.

Η ΑΓΓΛΙΚΗ ΔΟΚΙΜΗ

ΑΘΗΝΑΙ, 12. — Ἡ ἐπιτροπὴ θὰ παραχωρήσῃ τὸ διυλιστήριον εἰς τὸν προσφέροντα τοὺς καλυτέρους ὅρους. Αἱ προσφοραὶ θὰ ἐξετασθοῦν ἐντὸς τῶν προσεχῶν ἡμερῶν ὑπὸ τῆς ἁρμοδίας ὑπηρεσίας.

ΟΙ ΡΩΣΣΟΙ ΔΕΝ ΕΠΕΤΥΧΟΝ ΑΠΟ ΤΗΝ ΦΙΛΛΑΝΔΙΑΝ ΣΗΜΑΝΤΙΚΗΝ ΤΙΝΑ ΠΟΛΙΤΙΚΗΝ ΠΑΡΑΧΩΡΗΣΙΝ

ΕΛΣΙΝΚΙ, 12. (Ρώυτερ). — Ὁ πρωθυπουργὸς τῆς Φιλλανδίας ἐδήλωσεν ὅτι οὐδεμία πολιτικὴ παραχώρησις ἐγένετο πρὸς τὴν Σοβιετικὴν Ἕνωσιν.

ΑΘΗΝΑΙ, 12. — Ἀνακοινώνεται ὅτι διὰ βασιλικοῦ διατάγματος διωρίσθησαν νέοι γενικοὶ γραμματεῖς εἰς τὰ ὑπουργεῖα. Ἡ ἀπόφασις ἐλήφθη κατόπιν εἰσηγήσεως τοῦ ὑπουργικοῦ συμβουλίου.

ΤΙ ΕΠΕΤΥΧΟΝ

ΑΘΗΝΑΙ, 12. — Ἡ ἐπιτροπὴ θὰ παραχωρήσῃ τὸ διυλιστήριον εἰς τὸν προσφέροντα τοὺς καλυτέρους ὅρους. Αἱ προσφοραὶ θὰ ἐξετασθοῦν ἐντὸς τῶν προσεχῶν ἡμερῶν ὑπὸ τῆς ἁρμοδίας ὑπηρεσίας.

ΤΟ ΑΝΑΚΟΙΝΩΘΕΝ

ΑΘΗΝΑΙ, 12. — Ἀνακοινώνεται ὅτι διὰ βασιλικοῦ διατάγματος διωρίσθησαν νέοι γενικοὶ γραμματεῖς εἰς τὰ ὑπουργεῖα. Ἡ ἀπόφασις ἐλήφθη κατόπιν εἰσηγήσεως τοῦ ὑπουργικοῦ συμβουλίου.

Η ΕΙΣΑΓΩΓΗ ΜΑΘΗΤΩΝ ΕΙΣ ΤΑΣ ΤΕΧΝΙΚΑΣ ΣΧΟΛΑΣ

ΑΘΗΝΑΙ, 12. — Ὑπὸ τοῦ ἁρμοδίου ὑπουργείου ἀνακοινοῦνται οἱ ὅροι εἰσαγωγῆς μαθητῶν εἰς τὰς τεχνικὰς σχολάς.

ΑΘΗΝΑΙ, 12. — Ἡ ἐπιτροπὴ θὰ παραχωρήσῃ τὸ διυλιστήριον εἰς τὸν προσφέροντα τοὺς καλυτέρους ὅρους. Αἱ προσφοραὶ θὰ ἐξετασθοῦν ἐντὸς τῶν προσεχῶν ἡμερῶν ὑπὸ τῆς ἁρμοδίας ὑπηρεσίας.

ΠΕΤΡΕΛΑΙΟΦΟΡΟΝ ΠΡΟΣΕΚΡΟΥΣΕΝ ΕΙΣ ΝΑΡΚΗΝ ΟΛΙΓΟΝ ΕΞΩΘΙ ΤΟΥ ΛΙΜΕΝΟΣ ΤΟΥ ΣΟΥΕΖ
ΤΟ ΠΕΤΡΕΛΑΙΟΝ ΕΞΕΧΥΘΗ ΕΙΣ ΤΗΝ ΘΑΛΑΣΣΑΝ

ΠΟΡΤ ΣΑΪΝΤ, 12. (Ἀσσ. Πρές). — Τὸ πετρελαιοφόρον προσέκρουσεν εἰς νάρκην ὀλίγον ἔξωθι τοῦ λιμένος.

ΑΘΗΝΑΙ, 12. — Ἀνακοινώνεται ὅτι διὰ βασιλικοῦ διατάγματος διωρίσθησαν νέοι γενικοὶ γραμματεῖς εἰς τὰ ὑπουργεῖα. Ἡ ἀπόφασις ἐλήφθη κατόπιν εἰσηγήσεως τοῦ ὑπουργικοῦ συμβουλίου.

ΑΘΗΝΑΙ, 12. — Ἡ ἐπιτροπὴ θὰ παραχωρήσῃ τὸ διυλιστήριον εἰς τὸν προσφέροντα τοὺς καλυτέρους ὅρους. Αἱ προσφοραὶ θὰ ἐξετασθοῦν ἐντὸς τῶν προσεχῶν ἡμερῶν ὑπὸ τῆς ἁρμοδίας ὑπηρεσίας.
